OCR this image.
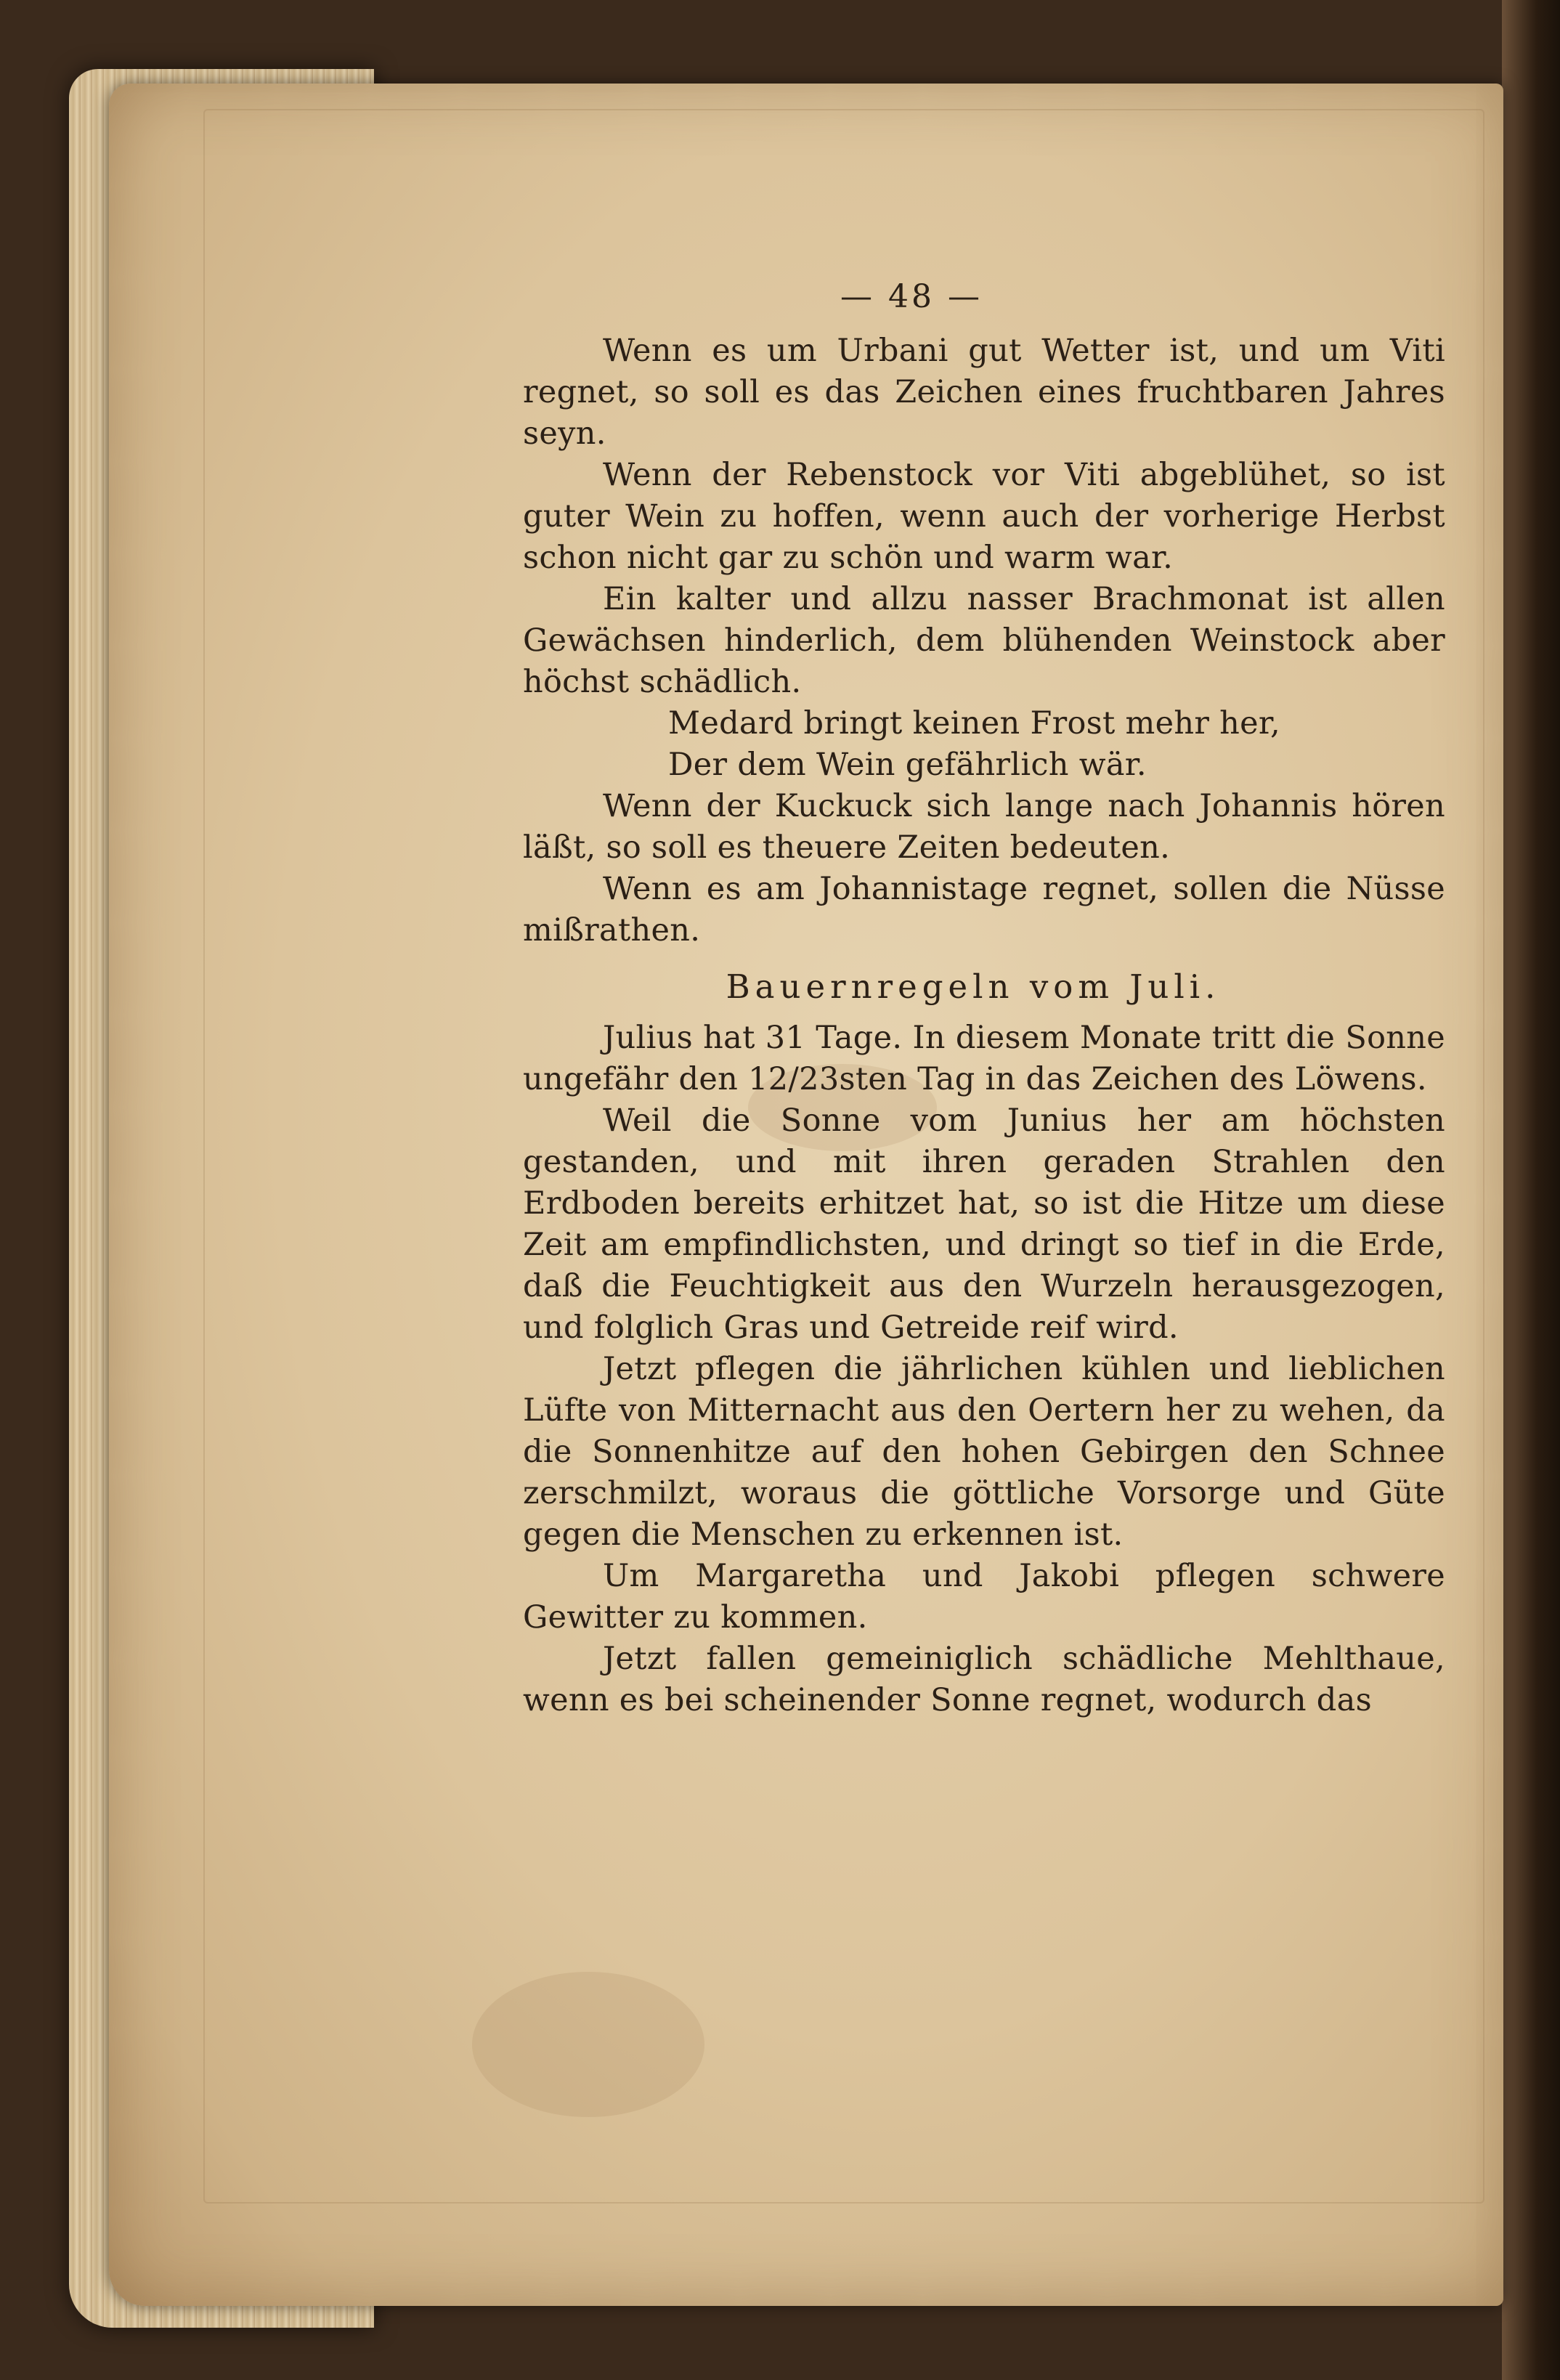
— 48 —

Wenn es um Urbani gut Wetter ist, und um Viti regnet, so soll es das Zeichen eines fruchtbaren Jahres seyn.

Wenn der Rebenstock vor Viti abgeblühet, so ist guter Wein zu hoffen, wenn auch der vorherige Herbst schon nicht gar zu schön und warm war.

Ein kalter und allzu nasser Brachmonat ist allen Gewächsen hinderlich, dem blühenden Weinstock aber höchst schädlich.

Medard bringt keinen Frost mehr her,

Der dem Wein gefährlich wär.

Wenn der Kuckuck sich lange nach Johannis hören läßt, so soll es theuere Zeiten bedeuten.

Wenn es am Johannistage regnet, sollen die Nüsse mißrathen.

Bauernregeln vom Juli.

Julius hat 31 Tage. In diesem Monate tritt die Sonne ungefähr den 12/23sten Tag in das Zeichen des Löwens.

Weil die Sonne vom Junius her am höchsten gestanden, und mit ihren geraden Strahlen den Erdboden bereits erhitzet hat, so ist die Hitze um diese Zeit am empfindlichsten, und dringt so tief in die Erde, daß die Feuchtigkeit aus den Wurzeln herausgezogen, und folglich Gras und Getreide reif wird.

Jetzt pflegen die jährlichen kühlen und lieblichen Lüfte von Mitternacht aus den Oertern her zu wehen, da die Sonnenhitze auf den hohen Gebirgen den Schnee zerschmilzt, woraus die göttliche Vorsorge und Güte gegen die Menschen zu erkennen ist.

Um Margaretha und Jakobi pflegen schwere Gewitter zu kommen.

Jetzt fallen gemeiniglich schädliche Mehlthaue, wenn es bei scheinender Sonne regnet, wodurch das
